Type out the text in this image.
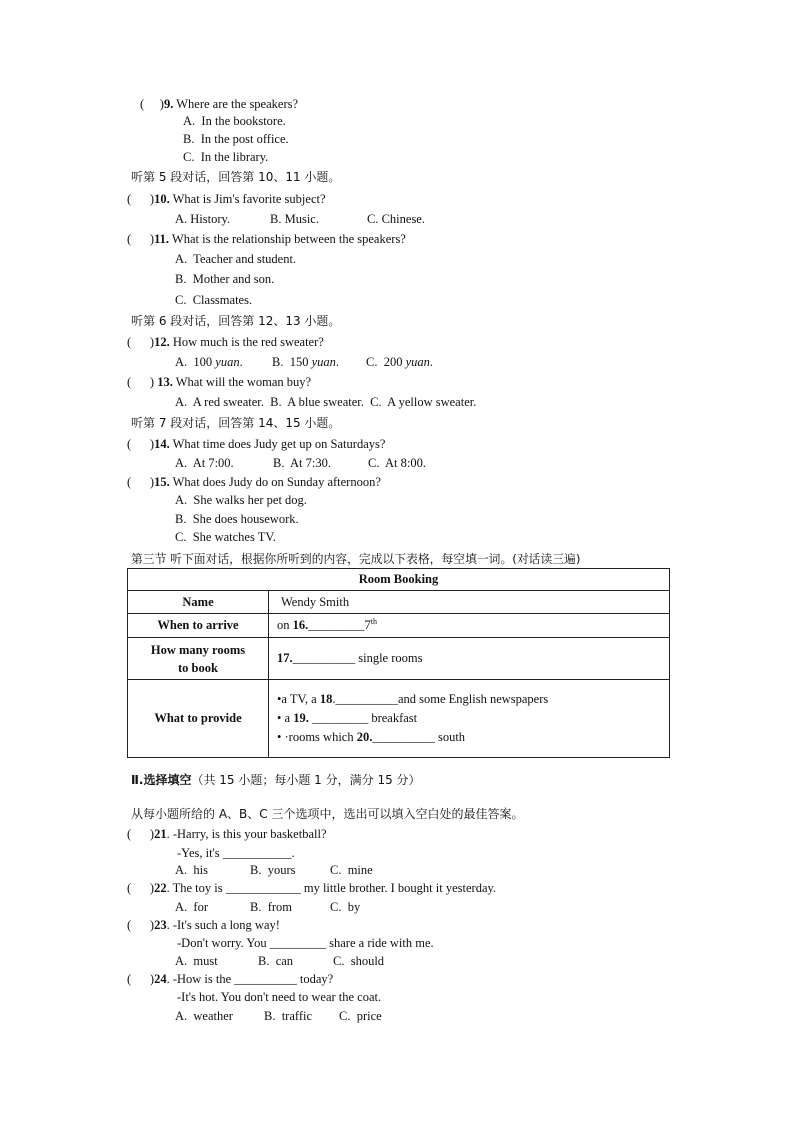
(     )9. Where are the speakers?
A.  In the bookstore.
B.  In the post office.
C.  In the library.
听第 5 段对话，回答第 10、11 小题。
(      )10. What is Jim's favorite subject?
A. History.	B. Music.	C. Chinese.
(      )11. What is the relationship between the speakers?
A.  Teacher and student.
B.  Mother and son.
C.  Classmates.
听第 6 段对话，回答第 12、13 小题。
(      )12. How much is the red sweater?
A.  100 yuan. B.  150 yuan. C.  200 yuan.
(      ) 13. What will the woman buy?
A.  A red sweater.  B.  A blue sweater.  C.  A yellow sweater.
听第 7 段对话，回答第 14、15 小题。
(      )14. What time does Judy get up on Saturdays?
A.  At 7:00.	B.  At 7:30.	C.  At 8:00.
(      )15. What does Judy do on Sunday afternoon?
A.  She walks her pet dog.
B.  She does housework.
C.  She watches TV.
第三节 听下面对话，根据你所听到的内容，完成以下表格，每空填一词。(对话读三遍)
Room Booking	
Name	Wendy Smith
When to arrive	on 16._________7th
How many rooms
to book	17.__________ single rooms
What to provide	•a TV, a 18.__________and some English newspapers
• a 19. _________ breakfast
• ·rooms which 20.__________ south
Ⅱ.选择填空（共 15 小题；每小题 1 分，满分 15 分）
从每小题所给的 A、B、C 三个选项中，选出可以填入空白处的最佳答案。
(      )21. -Harry, is this your basketball?
-Yes, it's ___________.
A.  his	B.  yours	C.  mine
(      )22. The toy is ____________ my little brother. I bought it yesterday.
A.  for	B.  from	C.  by
(      )23. -It's such a long way!
-Don't worry. You _________ share a ride with me.
A.  must	B.  can	C.  should
(      )24. -How is the __________ today?
-It's hot. You don't need to wear the coat.
A.  weather B.  traffic C.  price
